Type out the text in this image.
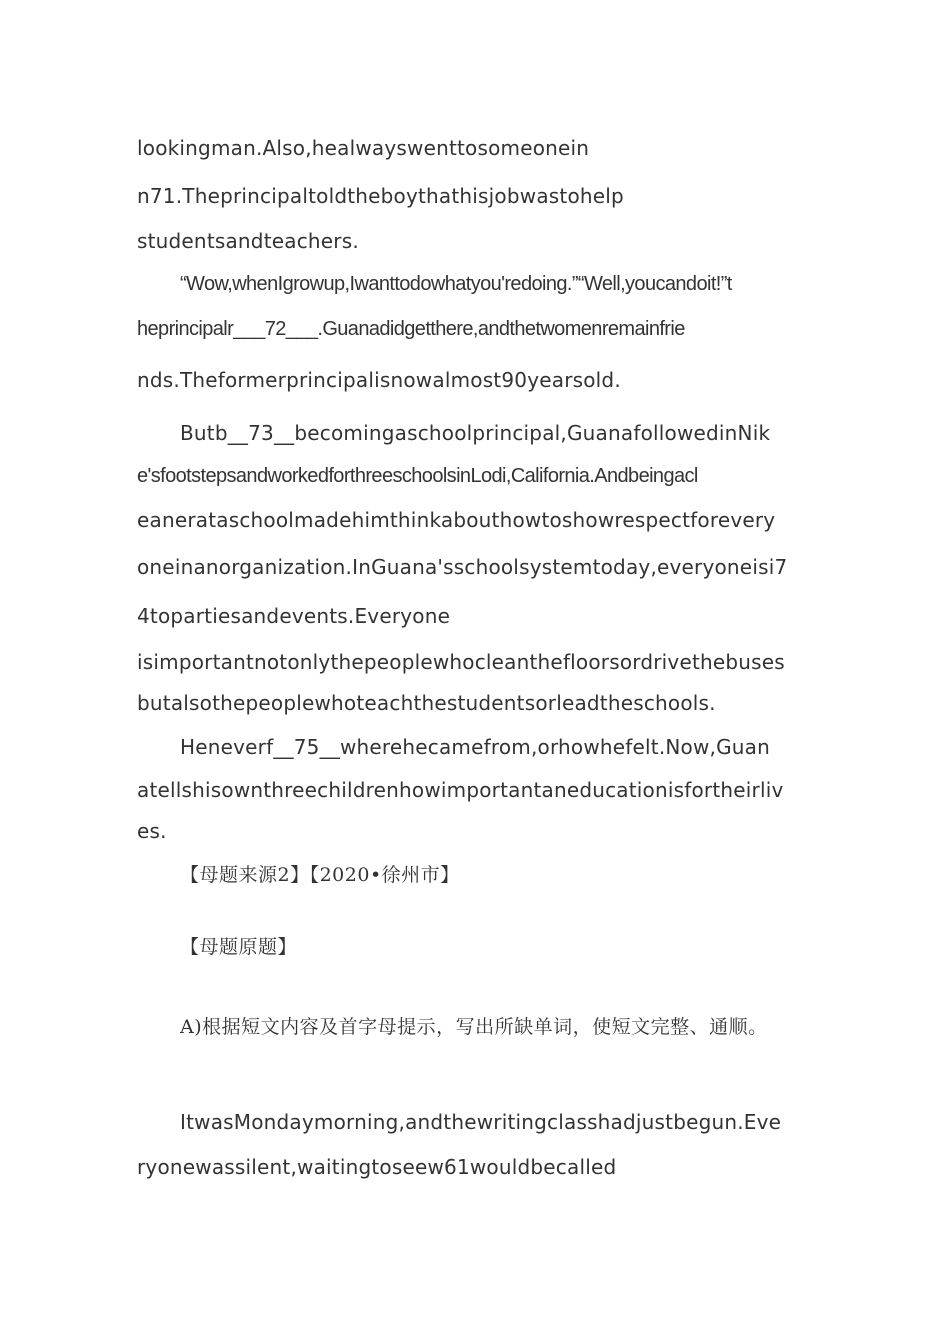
lookingman.Also,healwayswenttosomeonein
n71.Theprincipaltoldtheboythathisjobwastohelp
studentsandteachers.
“Wow,whenIgrowup,Iwanttodowhatyou'redoing.”“Well,youcandoit!”t
heprincipalr___72___.Guanadidgetthere,andthetwomenremainfrie
nds.Theformerprincipalisnowalmost90yearsold.
Butb__73__becomingaschoolprincipal,GuanafollowedinNik
e'sfootstepsandworkedforthreeschoolsinLodi,California.Andbeingacl
eanerataschoolmadehimthinkabouthowtoshowrespectforevery
oneinanorganization.InGuana'sschoolsystemtoday,everyoneisi7
4topartiesandevents.Everyone
isimportantnotonlythepeoplewhocleanthefloorsordrivethebuses
butalsothepeoplewhoteachthestudentsorleadtheschools.
Heneverf__75__wherehecamefrom,orhowhefelt.Now,Guan
atellshisownthreechildrenhowimportantaneducationisfortheirliv
es.
【母题来源2】【2020•徐州市】
【母题原题】
A)根据短文内容及首字母提示，写出所缺单词，使短文完整、通顺。
ItwasMondaymorning,andthewritingclasshadjustbegun.Eve
ryonewassilent,waitingtoseew61wouldbecalled
